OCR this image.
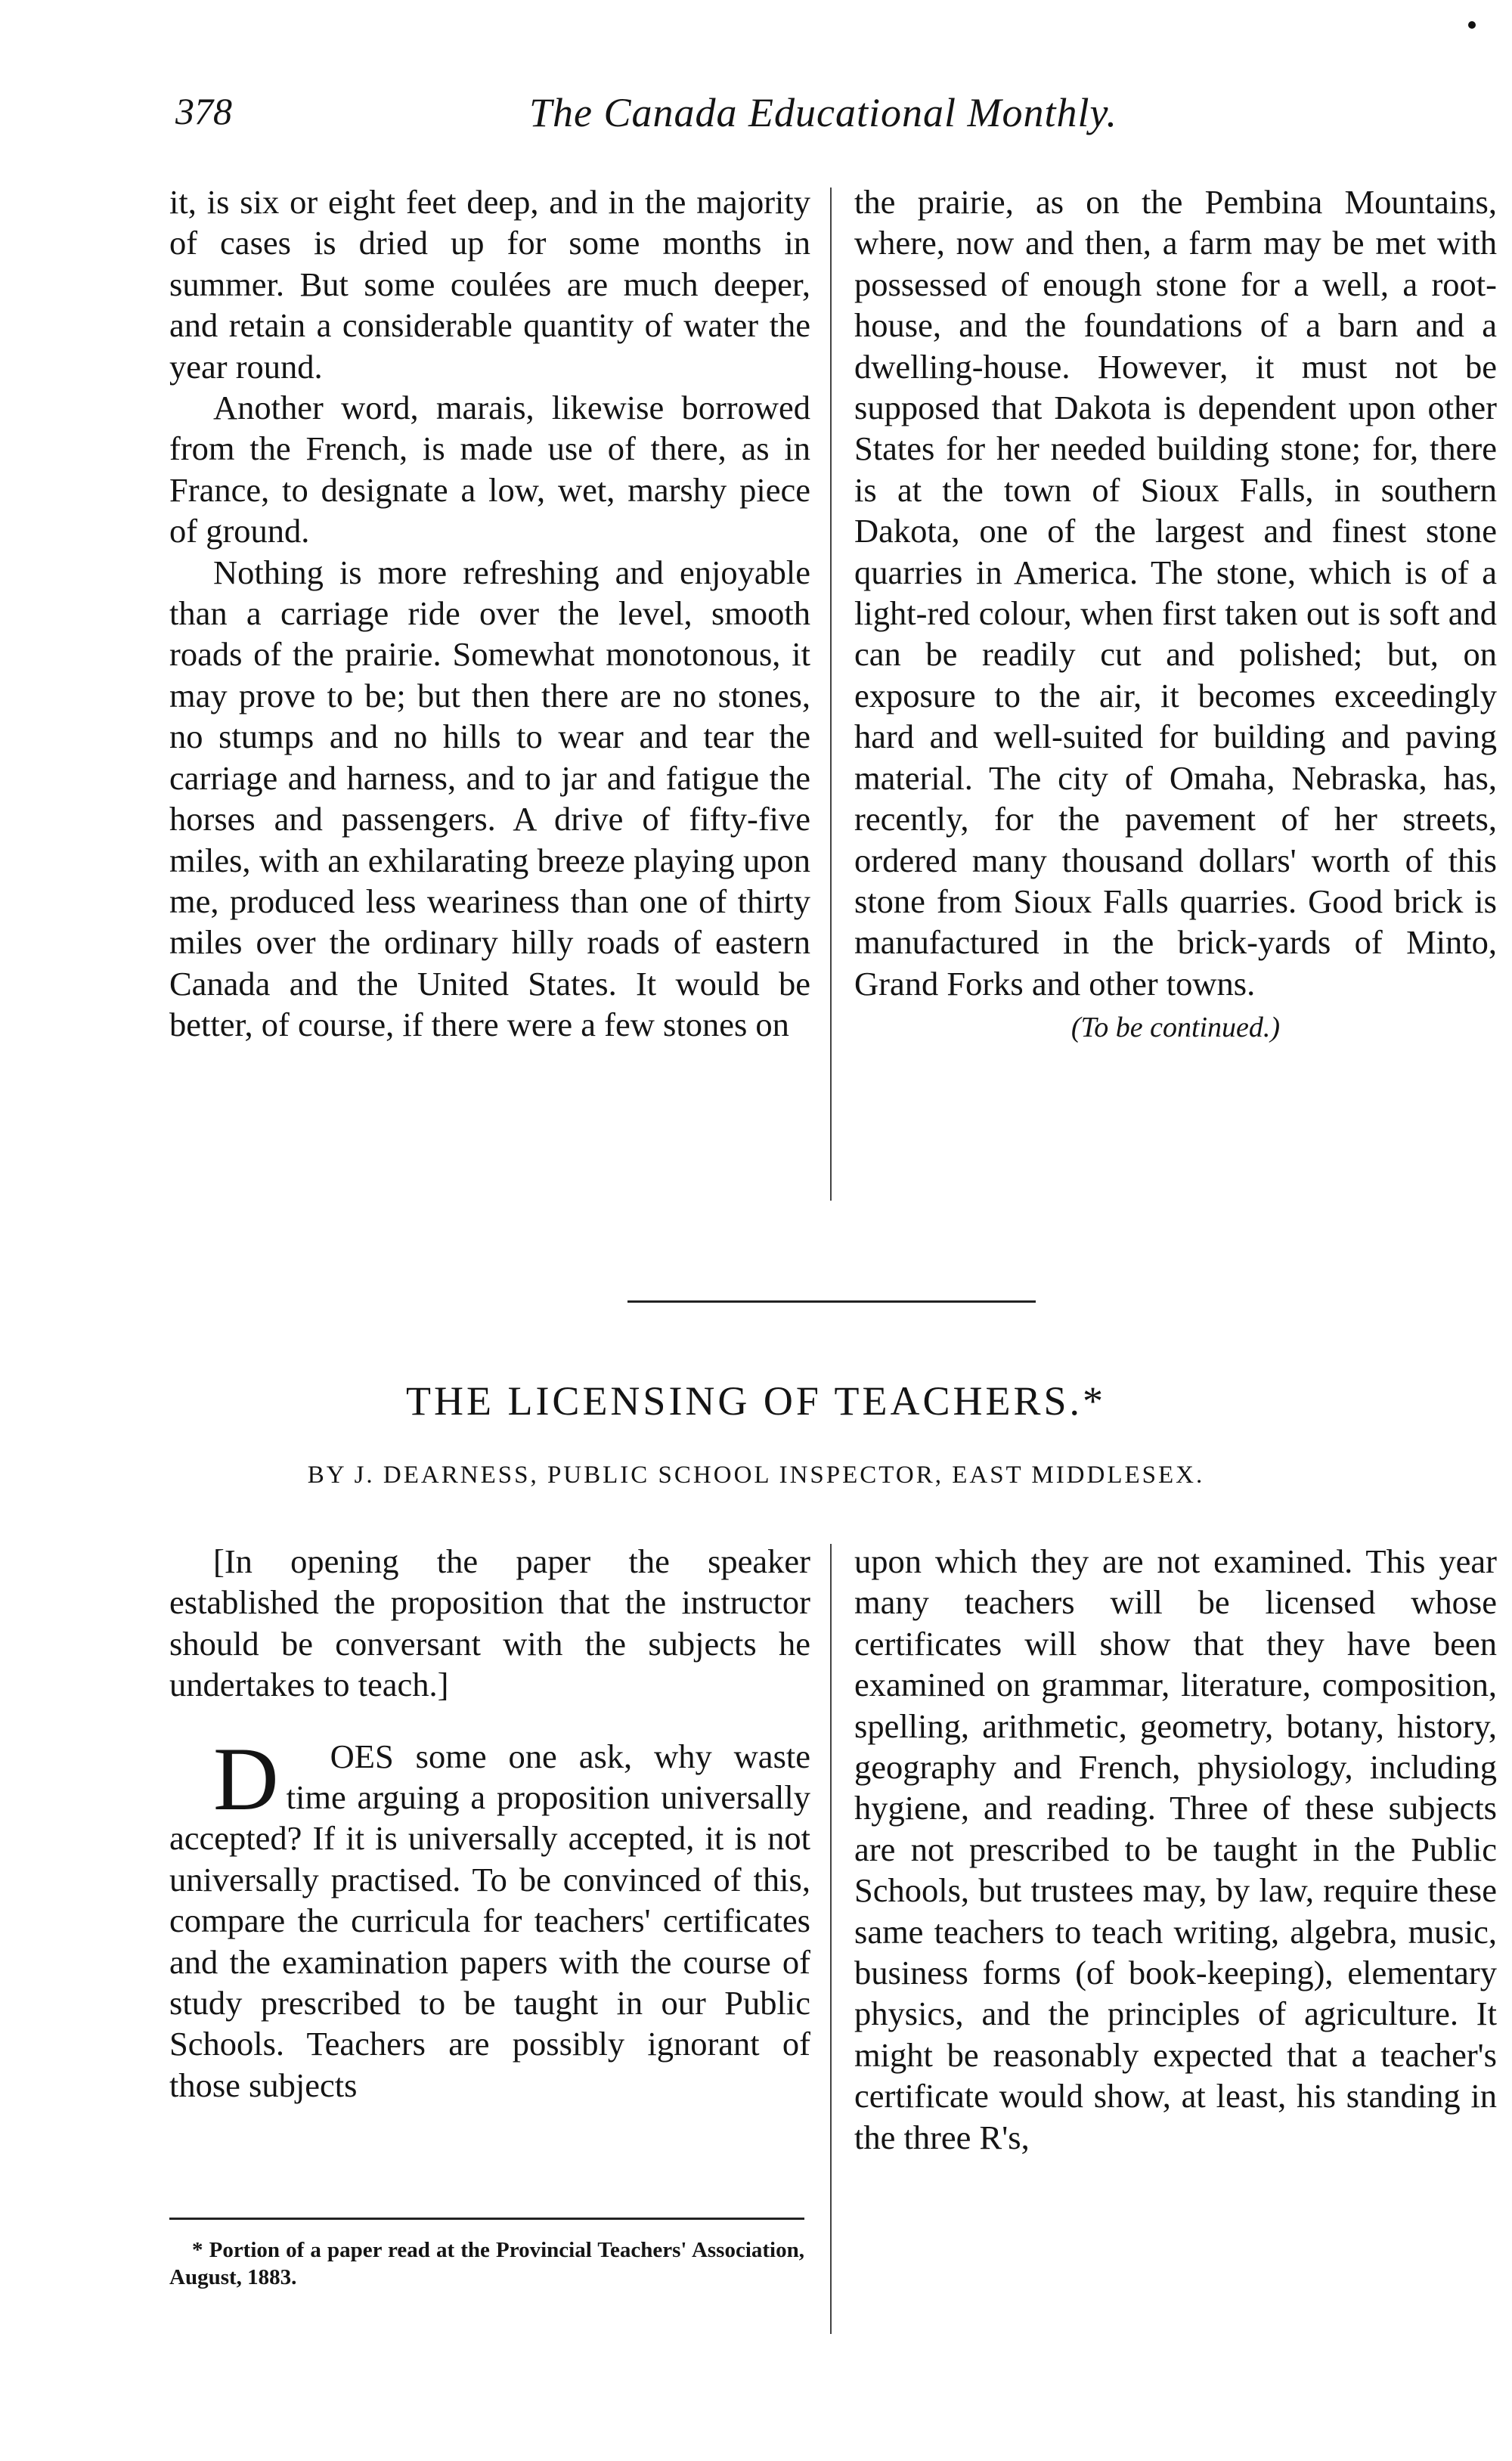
378	The Canada Educational Monthly.

it, is six or eight feet deep, and in the majority of cases is dried up for some months in summer. But some coulées are much deeper, and retain a considerable quantity of water the year round.

Another word, marais, likewise borrowed from the French, is made use of there, as in France, to designate a low, wet, marshy piece of ground.

Nothing is more refreshing and enjoyable than a carriage ride over the level, smooth roads of the prairie. Somewhat monotonous, it may prove to be; but then there are no stones, no stumps and no hills to wear and tear the carriage and harness, and to jar and fatigue the horses and passengers. A drive of fifty-five miles, with an exhilarating breeze playing upon me, produced less weariness than one of thirty miles over the ordinary hilly roads of eastern Canada and the United States. It would be better, of course, if there were a few stones on

the prairie, as on the Pembina Mountains, where, now and then, a farm may be met with possessed of enough stone for a well, a root-house, and the foundations of a barn and a dwelling-house. However, it must not be supposed that Dakota is dependent upon other States for her needed building stone; for, there is at the town of Sioux Falls, in southern Dakota, one of the largest and finest stone quarries in America. The stone, which is of a light-red colour, when first taken out is soft and can be readily cut and polished; but, on exposure to the air, it becomes exceedingly hard and well-suited for building and paving material. The city of Omaha, Nebraska, has, recently, for the pavement of her streets, ordered many thousand dollars' worth of this stone from Sioux Falls quarries. Good brick is manufactured in the brick-yards of Minto, Grand Forks and other towns.

(To be continued.)
THE LICENSING OF TEACHERS.*
BY J. DEARNESS, PUBLIC SCHOOL INSPECTOR, EAST MIDDLESEX.

[In opening the paper the speaker established the proposition that the instructor should be conversant with the subjects he undertakes to teach.]

D OES some one ask, why waste time arguing a proposition universally accepted? If it is universally accepted, it is not universally practised. To be convinced of this, compare the curricula for teachers' certificates and the examination papers with the course of study prescribed to be taught in our Public Schools. Teachers are possibly ignorant of those subjects

upon which they are not examined. This year many teachers will be licensed whose certificates will show that they have been examined on grammar, literature, composition, spelling, arithmetic, geometry, botany, history, geography and French, physiology, including hygiene, and reading. Three of these subjects are not prescribed to be taught in the Public Schools, but trustees may, by law, require these same teachers to teach writing, algebra, music, business forms (of book-keeping), elementary physics, and the principles of agriculture. It might be reasonably expected that a teacher's certificate would show, at least, his standing in the three R's,

* Portion of a paper read at the Provincial Teachers' Association, August, 1883.
